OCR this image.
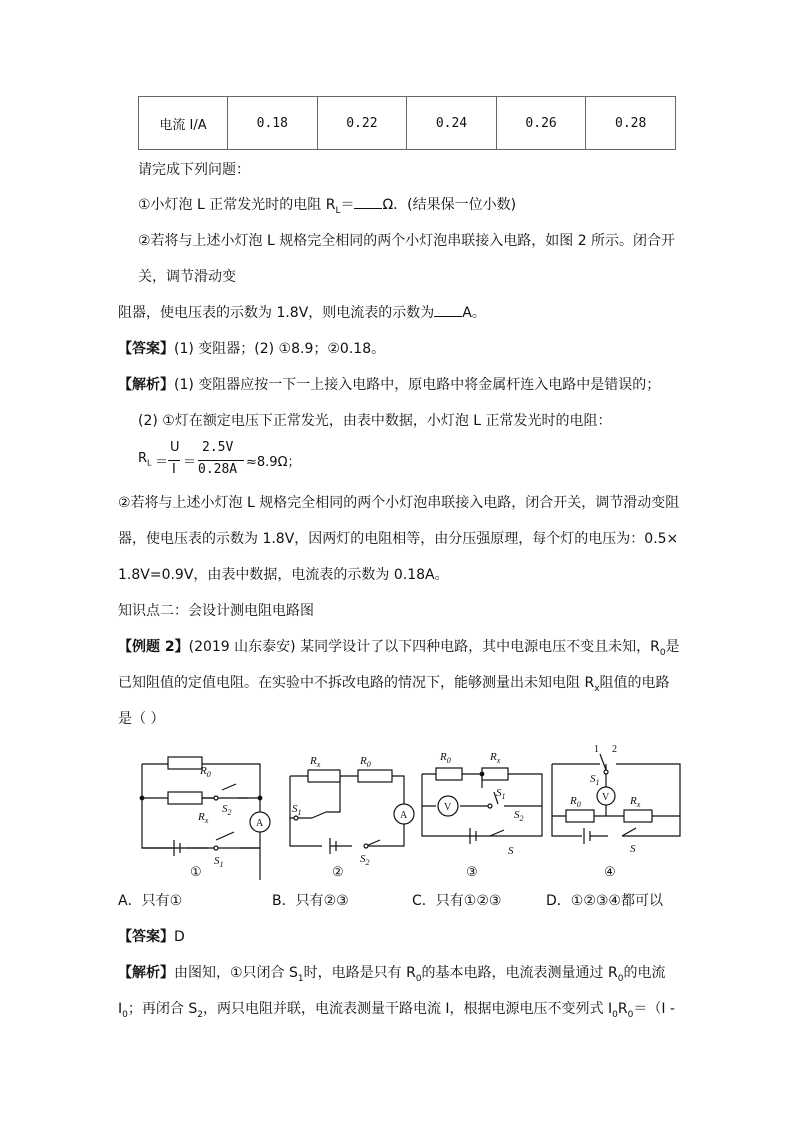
电流 I/A	0.18	0.22	0.24	0.26	0.28
请完成下列问题：
①小灯泡 L 正常发光时的电阻 $R_L= \Omega$．(结果保一位小数)
②若将与上述小灯泡 L 规格完全相同的两个小灯泡串联接入电路，如图 2 所示。闭合开
关，调节滑动变
阻器，使电压表的示数为 1.8V，则电流表的示数为 A。
【答案】(1) 变阻器；(2) ①8.9；②0.18。
【解析】(1) 变阻器应按一下一上接入电路中，原电路中将金属杆连入电路中是错误的；
(2) ①灯在额定电压下正常发光，由表中数据，小灯泡 L 正常发光时的电阻：
$R_L$ ＝
U
I ＝
2.5V
0.28A ≈8.9Ω；
②若将与上述小灯泡 L 规格完全相同的两个小灯泡串联接入电路，闭合开关，调节滑动变阻
器，使电压表的示数为 1.8V，因两灯的电阻相等，由分压强原理，每个灯的电压为：0.5×
1.8V=0.9V，由表中数据，电流表的示数为 0.18A。
知识点二：会设计测电阻电路图
【例题 2】(2019 山东泰安) 某同学设计了以下四种电路，其中电源电压不变且未知，$R_0$是
已知阻值的定值电阻。在实验中不拆改电路的情况下，能够测量出未知电阻 $R_x$阻值的电路
是（ ）
$R_0$
$R_x$
$S_2$
$S_1$
$R_x$	$R_0$
$S_1$
$S_2$
$R_0$	$R_x$
$S_1$
$S_2$
S
$R_0$	$R_x$
$S_1$
S
A
A
V
V
1 2
①	②	③	④
A．只有①	B．只有②③	C．只有①②③	D．①②③④都可以
【答案】D
【解析】由图知，①只闭合 $S_1$时，电路是只有 $R_0$的基本电路，电流表测量通过 $R_0$的电流
$I_0$；再闭合 $S_2$，两只电阻并联，电流表测量干路电流 I，根据电源电压不变列式 $I_0R_0=(I$ -
